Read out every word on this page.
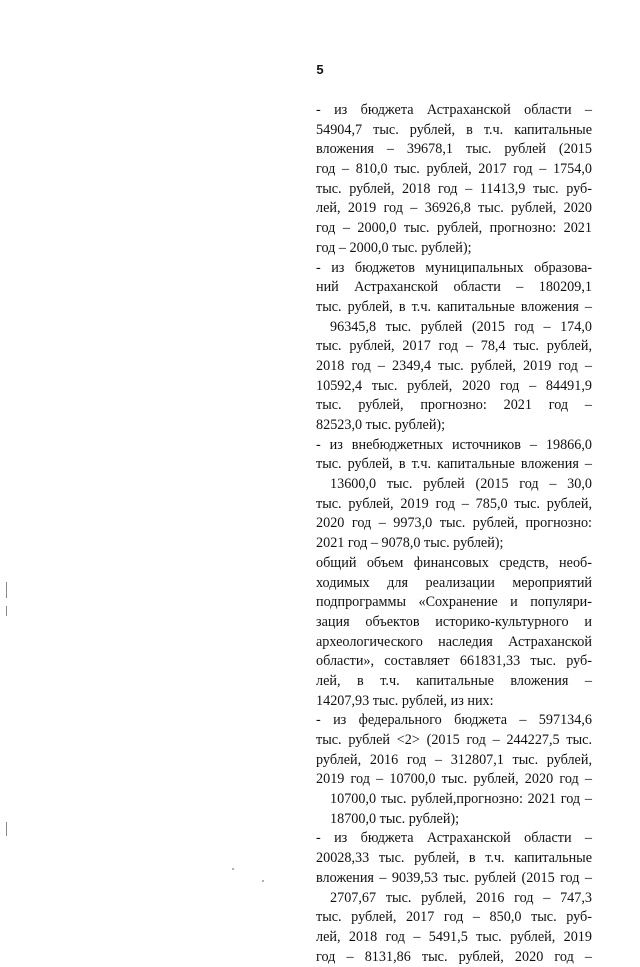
5
- из бюджета Астраханской области –
54904,7 тыс. рублей, в т.ч. капитальные
вложения – 39678,1 тыс. рублей (2015
год – 810,0 тыс. рублей, 2017 год – 1754,0
тыс. рублей, 2018 год – 11413,9 тыс. руб-
лей, 2019 год – 36926,8 тыс. рублей, 2020
год – 2000,0 тыс. рублей, прогнозно: 2021
год – 2000,0 тыс. рублей);
- из бюджетов муниципальных образова-
ний Астраханской области – 180209,1
тыс. рублей, в т.ч. капитальные вложения –
96345,8 тыс. рублей (2015 год – 174,0
тыс. рублей, 2017 год – 78,4 тыс. рублей,
2018 год – 2349,4 тыс. рублей, 2019 год –
10592,4 тыс. рублей, 2020 год – 84491,9
тыс. рублей, прогнозно: 2021 год –
82523,0 тыс. рублей);
- из внебюджетных источников – 19866,0
тыс. рублей, в т.ч. капитальные вложения –
13600,0 тыс. рублей (2015 год – 30,0
тыс. рублей, 2019 год – 785,0 тыс. рублей,
2020 год – 9973,0 тыс. рублей, прогнозно:
2021 год – 9078,0 тыс. рублей);
общий объем финансовых средств, необ-
ходимых для реализации мероприятий
подпрограммы «Сохранение и популяри-
зация объектов историко-культурного и
археологического наследия Астраханской
области», составляет 661831,33 тыс. руб-
лей, в т.ч. капитальные вложения –
14207,93 тыс. рублей, из них:
- из федерального бюджета – 597134,6
тыс. рублей <2> (2015 год – 244227,5 тыс.
рублей, 2016 год – 312807,1 тыс. рублей,
2019 год – 10700,0 тыс. рублей, 2020 год –
10700,0 тыс. рублей,прогнозно: 2021 год –
18700,0 тыс. рублей);
- из бюджета Астраханской области –
20028,33 тыс. рублей, в т.ч. капитальные
вложения – 9039,53 тыс. рублей (2015 год –
2707,67 тыс. рублей, 2016 год – 747,3
тыс. рублей, 2017 год – 850,0 тыс. руб-
лей, 2018 год – 5491,5 тыс. рублей, 2019
год – 8131,86 тыс. рублей, 2020 год –
